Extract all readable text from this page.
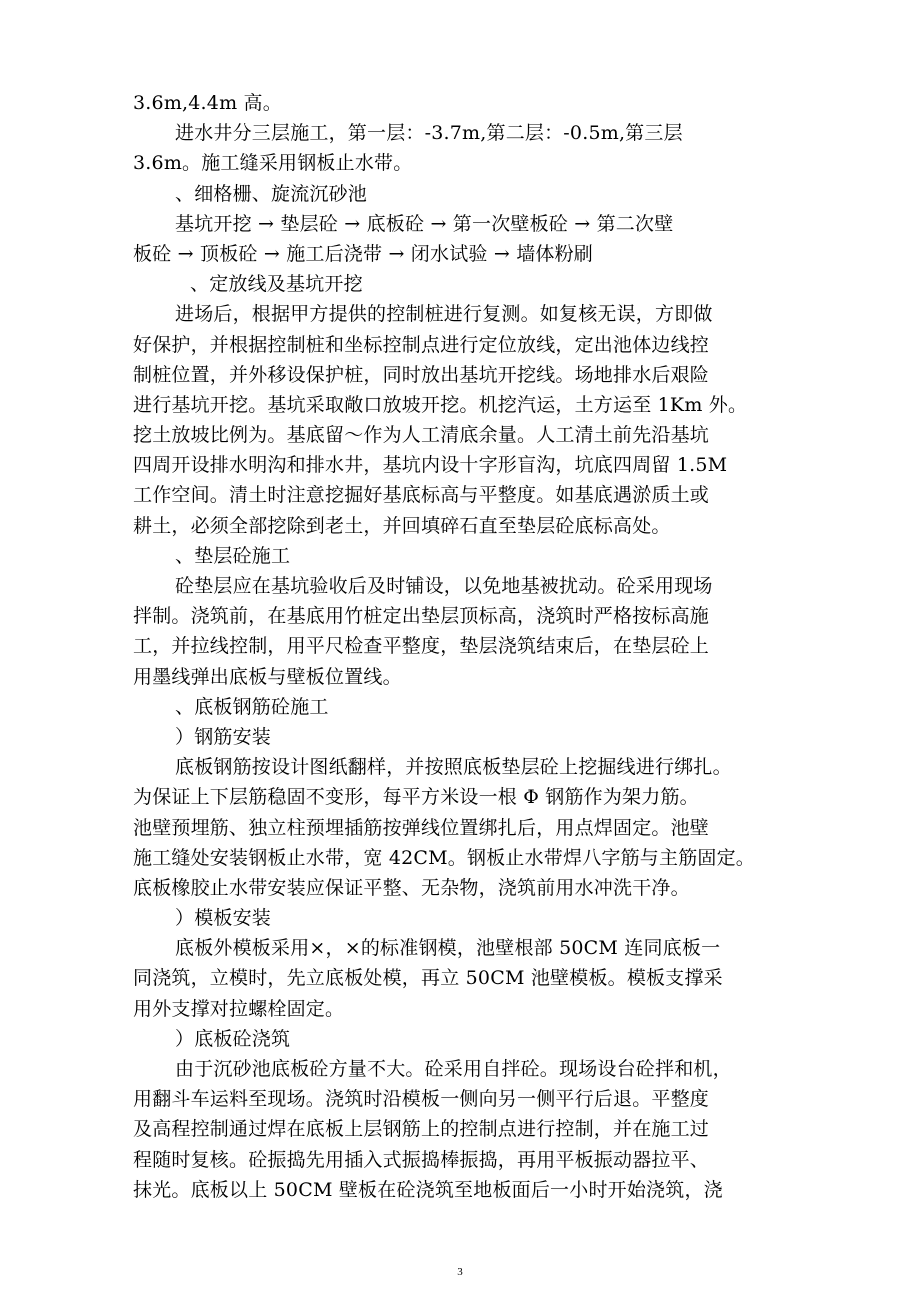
3.6m,4.4m 高。
进水井分三层施工，第一层：-3.7m,第二层：-0.5m,第三层
3.6m。施工缝采用钢板止水带。
、细格栅、旋流沉砂池
基坑开挖 → 垫层砼 → 底板砼 → 第一次壁板砼 → 第二次壁
板砼 → 顶板砼 → 施工后浇带 → 闭水试验 → 墙体粉刷
、定放线及基坑开挖
进场后，根据甲方提供的控制桩进行复测。如复核无误，方即做
好保护，并根据控制桩和坐标控制点进行定位放线，定出池体边线控
制桩位置，并外移设保护桩，同时放出基坑开挖线。场地排水后艰险
进行基坑开挖。基坑采取敞口放坡开挖。机挖汽运，土方运至 1Km 外。
挖土放坡比例为。基底留～作为人工清底余量。人工清土前先沿基坑
四周开设排水明沟和排水井，基坑内设十字形盲沟，坑底四周留 1.5M
工作空间。清土时注意挖掘好基底标高与平整度。如基底遇淤质土或
耕土，必须全部挖除到老土，并回填碎石直至垫层砼底标高处。
、垫层砼施工
砼垫层应在基坑验收后及时铺设，以免地基被扰动。砼采用现场
拌制。浇筑前，在基底用竹桩定出垫层顶标高，浇筑时严格按标高施
工，并拉线控制，用平尺检查平整度，垫层浇筑结束后，在垫层砼上
用墨线弹出底板与壁板位置线。
、底板钢筋砼施工
）钢筋安装
底板钢筋按设计图纸翻样，并按照底板垫层砼上挖掘线进行绑扎。
为保证上下层筋稳固不变形，每平方米设一根 Φ 钢筋作为架力筋。
池壁预埋筋、独立柱预埋插筋按弹线位置绑扎后，用点焊固定。池壁
施工缝处安装钢板止水带，宽 42CM。钢板止水带焊八字筋与主筋固定。
底板橡胶止水带安装应保证平整、无杂物，浇筑前用水冲洗干净。
）模板安装
底板外模板采用×，×的标准钢模，池壁根部 50CM 连同底板一
同浇筑，立模时，先立底板处模，再立 50CM 池壁模板。模板支撑采
用外支撑对拉螺栓固定。
）底板砼浇筑
由于沉砂池底板砼方量不大。砼采用自拌砼。现场设台砼拌和机，
用翻斗车运料至现场。浇筑时沿模板一侧向另一侧平行后退。平整度
及高程控制通过焊在底板上层钢筋上的控制点进行控制，并在施工过
程随时复核。砼振捣先用插入式振捣棒振捣，再用平板振动器拉平、
抹光。底板以上 50CM 壁板在砼浇筑至地板面后一小时开始浇筑，浇
3
